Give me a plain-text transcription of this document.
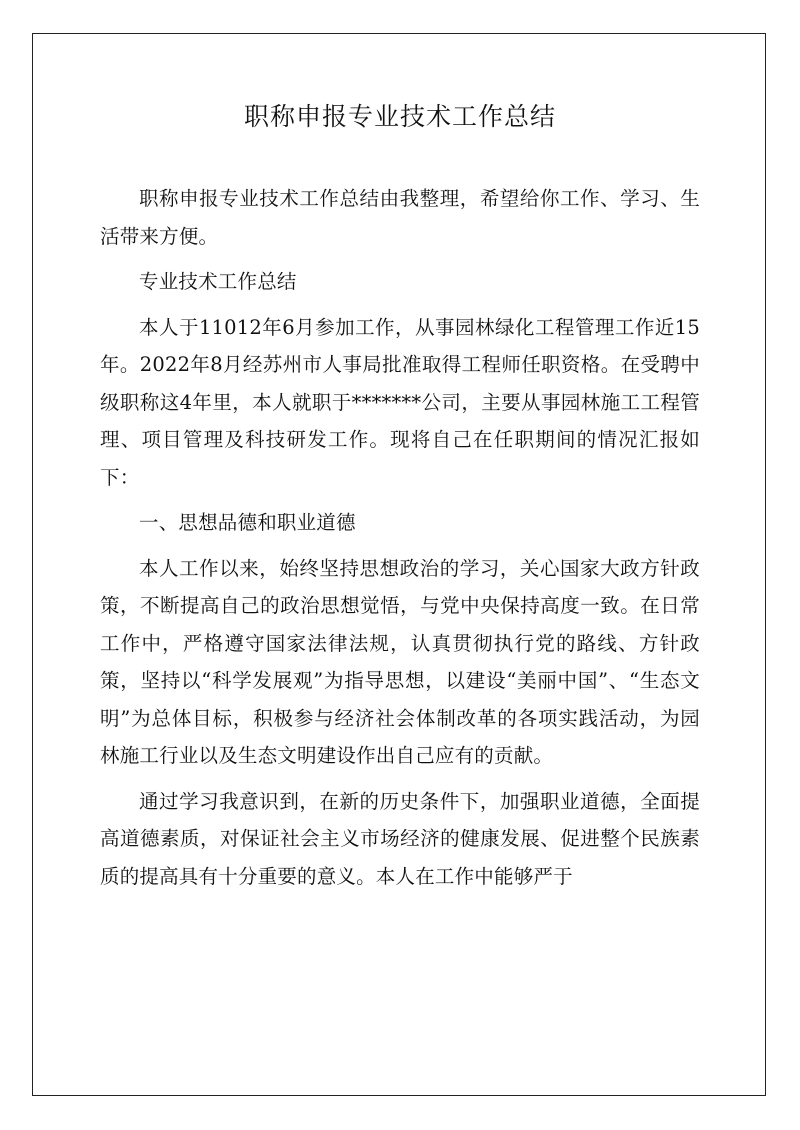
职称申报专业技术工作总结

职称申报专业技术工作总结由我整理，希望给你工作、学习、生活带来方便。

专业技术工作总结

本人于11012年6月参加工作，从事园林绿化工程管理工作近15年。2022年8月经苏州市人事局批准取得工程师任职资格。在受聘中级职称这4年里，本人就职于*******公司，主要从事园林施工工程管理、项目管理及科技研发工作。现将自己在任职期间的情况汇报如下：

一、思想品德和职业道德

本人工作以来，始终坚持思想政治的学习，关心国家大政方针政策，不断提高自己的政治思想觉悟，与党中央保持高度一致。在日常工作中，严格遵守国家法律法规，认真贯彻执行党的路线、方针政策，坚持以“科学发展观”为指导思想，以建设“美丽中国”、“生态文明”为总体目标，积极参与经济社会体制改革的各项实践活动，为园林施工行业以及生态文明建设作出自己应有的贡献。

通过学习我意识到，在新的历史条件下，加强职业道德，全面提高道德素质，对保证社会主义市场经济的健康发展、促进整个民族素质的提高具有十分重要的意义。本人在工作中能够严于
